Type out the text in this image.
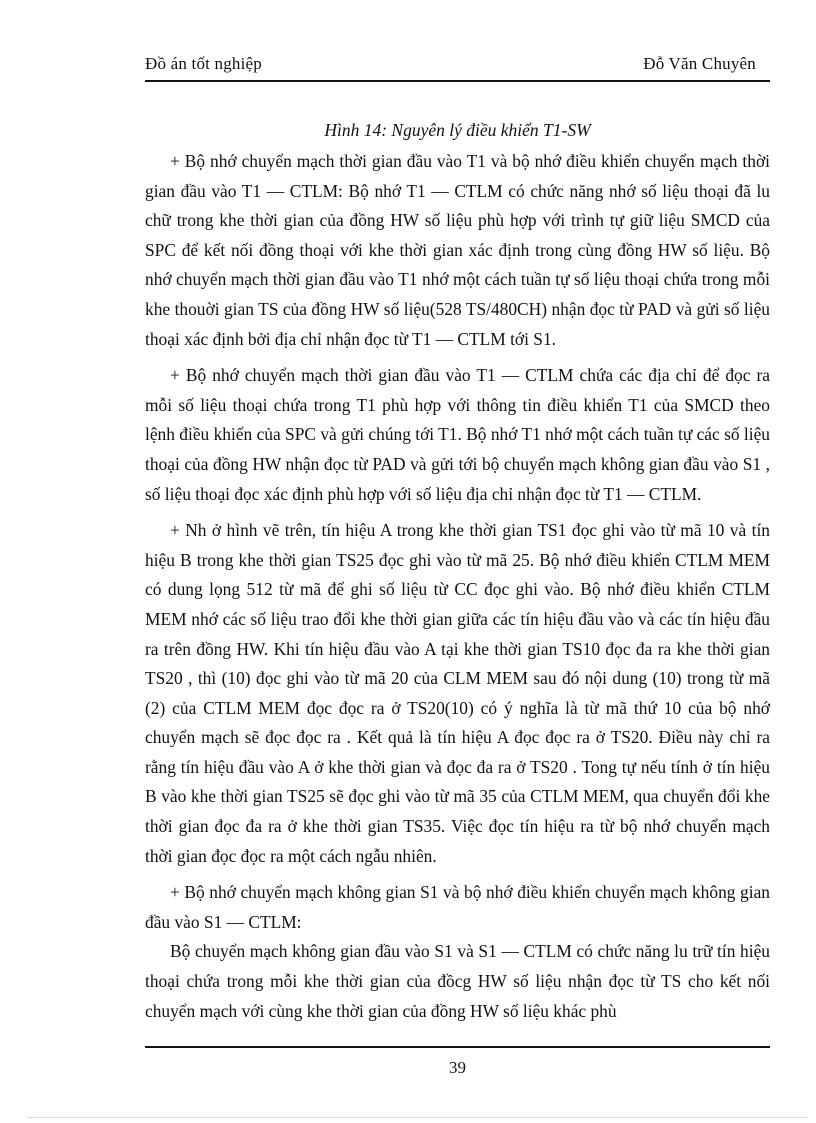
Đồ án tốt nghiệp	Đỗ Văn Chuyên
Hình 14: Nguyên lý điều khiển T1-SW

+ Bộ nhớ chuyển mạch thời gian đầu vào T1 và bộ nhớ điều khiển chuyển mạch thời gian đầu vào T1 — CTLM: Bộ nhớ T1 — CTLM có chức năng nhớ số liệu thoại đã lu chữ trong khe thời gian của đồng HW số liệu phù hợp với trình tự giữ liệu SMCD của SPC để kết nối đồng thoại với khe thời gian xác định trong cùng đồng HW số liệu. Bộ nhớ chuyển mạch thời gian đầu vào T1 nhớ một cách tuần tự số liệu thoại chứa trong mỗi khe thouời gian TS của đồng HW số liệu(528 TS/480CH) nhận đọc từ PAD và gửi số liệu thoại xác định bởi địa chỉ nhận đọc từ T1 — CTLM tới S1.

+ Bộ nhớ chuyển mạch thời gian đầu vào T1 — CTLM chứa các địa chỉ để đọc ra mỗi số liệu thoại chứa trong T1 phù hợp với thông tin điều khiển T1 của SMCD theo lệnh điều khiển của SPC và gửi chúng tới T1. Bộ nhớ T1 nhớ một cách tuần tự các số liệu thoại của đồng HW nhận đọc từ PAD và gửi tới bộ chuyển mạch không gian đầu vào S1 , số liệu thoại đọc xác định phù hợp với số liệu địa chỉ nhận đọc từ T1 — CTLM.

+ Nh ở hình vẽ trên, tín hiệu A trong khe thời gian TS1 đọc ghi vào từ mã 10 và tín hiệu B trong khe thời gian TS25 đọc ghi vào từ mã 25. Bộ nhớ điều khiển CTLM MEM có dung lọng 512 từ mã để ghi số liệu từ CC đọc ghi vào. Bộ nhớ điều khiển CTLM MEM nhớ các số liệu trao đổi khe thời gian giữa các tín hiệu đầu vào và các tín hiệu đầu ra trên đồng HW. Khi tín hiệu đầu vào A tại khe thời gian TS10 đọc đa ra khe thời gian TS20 , thì (10) đọc ghi vào từ mã 20 của CLM MEM sau đó nội dung (10) trong từ mã (2) của CTLM MEM đọc đọc ra ở TS20(10) có ý nghĩa là từ mã thứ 10 của bộ nhớ chuyển mạch sẽ đọc đọc ra . Kết quả là tín hiệu A đọc đọc ra ở TS20. Điều này chỉ ra rằng tín hiệu đầu vào A ở khe thời gian và đọc đa ra ở TS20 . Tong tự nếu tính ở tín hiệu B vào khe thời gian TS25 sẽ đọc ghi vào từ mã 35 của CTLM MEM, qua chuyển đổi khe thời gian đọc đa ra ở khe thời gian TS35. Việc đọc tín hiệu ra từ bộ nhớ chuyển mạch thời gian đọc đọc ra một cách ngẫu nhiên.

+ Bộ nhớ chuyển mạch không gian S1 và bộ nhớ điều khiển chuyển mạch không gian đầu vào S1 — CTLM:

Bộ chuyển mạch không gian đầu vào S1 và S1 — CTLM có chức năng lu trữ tín hiệu thoại chứa trong mỗi khe thời gian của đồcg HW số liệu nhận đọc từ TS cho kết nối chuyển mạch với cùng khe thời gian của đồng HW số liệu khác phù

39
